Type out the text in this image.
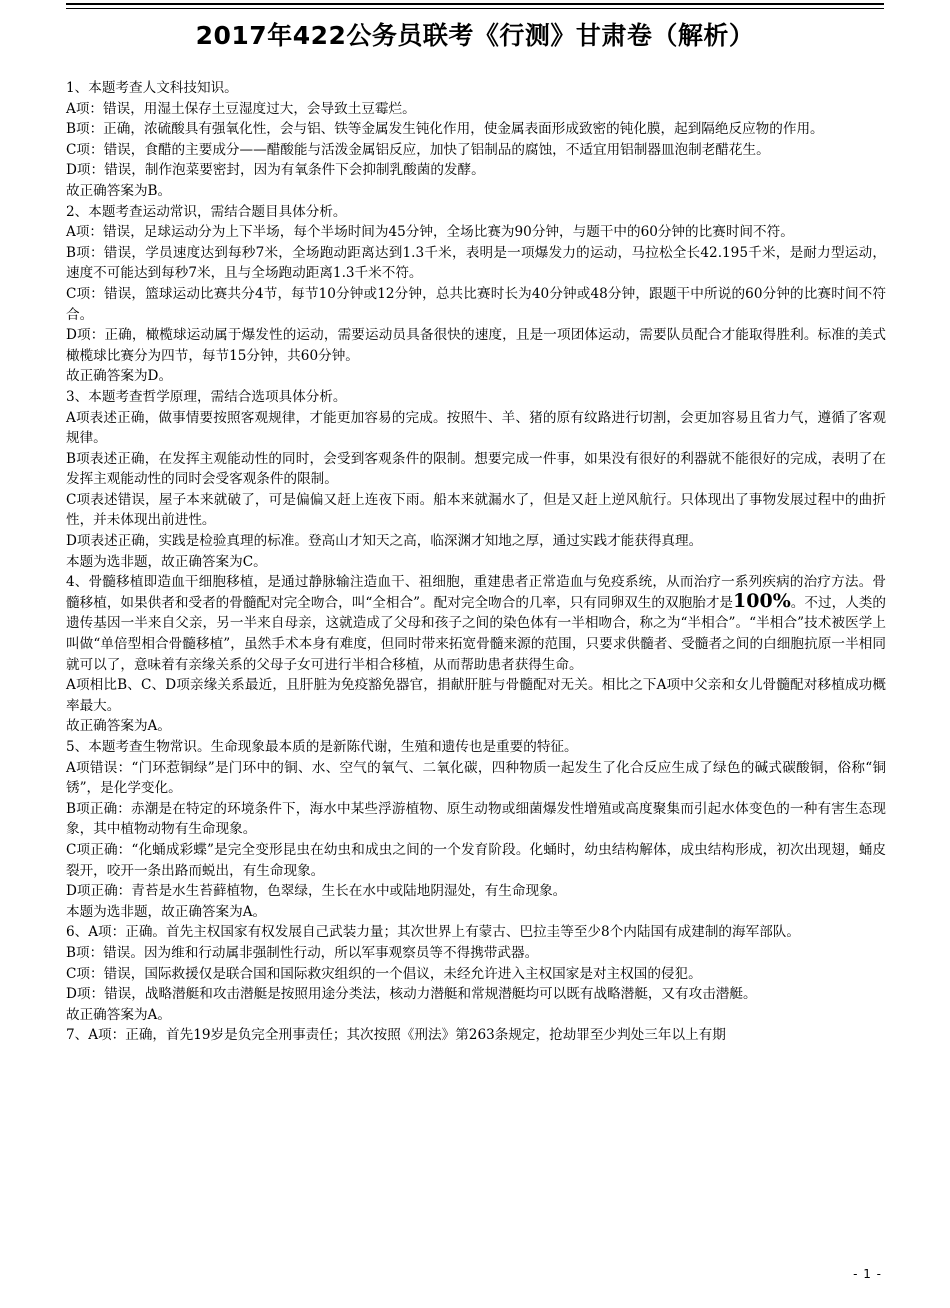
2017年422公务员联考《行测》甘肃卷（解析）

1、本题考查人文科技知识。

A项：错误，用湿土保存土豆湿度过大，会导致土豆霉烂。

B项：正确，浓硫酸具有强氧化性，会与铝、铁等金属发生钝化作用，使金属表面形成致密的钝化膜，起到隔绝反应物的作用。

C项：错误，食醋的主要成分——醋酸能与活泼金属铝反应，加快了铝制品的腐蚀，不适宜用铝制器皿泡制老醋花生。

D项：错误，制作泡菜要密封，因为有氧条件下会抑制乳酸菌的发酵。

故正确答案为B。

2、本题考查运动常识，需结合题目具体分析。

A项：错误，足球运动分为上下半场，每个半场时间为45分钟，全场比赛为90分钟，与题干中的60分钟的比赛时间不符。

B项：错误，学员速度达到每秒7米，全场跑动距离达到1.3千米，表明是一项爆发力的运动，马拉松全长42.195千米，是耐力型运动，速度不可能达到每秒7米，且与全场跑动距离1.3千米不符。

C项：错误，篮球运动比赛共分4节，每节10分钟或12分钟，总共比赛时长为40分钟或48分钟，跟题干中所说的60分钟的比赛时间不符合。

D项：正确，橄榄球运动属于爆发性的运动，需要运动员具备很快的速度，且是一项团体运动，需要队员配合才能取得胜利。标准的美式橄榄球比赛分为四节，每节15分钟，共60分钟。

故正确答案为D。

3、本题考查哲学原理，需结合选项具体分析。

A项表述正确，做事情要按照客观规律，才能更加容易的完成。按照牛、羊、猪的原有纹路进行切割，会更加容易且省力气，遵循了客观规律。

B项表述正确，在发挥主观能动性的同时，会受到客观条件的限制。想要完成一件事，如果没有很好的利器就不能很好的完成，表明了在发挥主观能动性的同时会受客观条件的限制。

C项表述错误，屋子本来就破了，可是偏偏又赶上连夜下雨。船本来就漏水了，但是又赶上逆风航行。只体现出了事物发展过程中的曲折性，并未体现出前进性。

D项表述正确，实践是检验真理的标准。登高山才知天之高，临深渊才知地之厚，通过实践才能获得真理。

本题为选非题，故正确答案为C。

4、骨髓移植即造血干细胞移植，是通过静脉输注造血干、祖细胞，重建患者正常造血与免疫系统，从而治疗一系列疾病的治疗方法。骨髓移植，如果供者和受者的骨髓配对完全吻合，叫“全相合”。配对完全吻合的几率，只有同卵双生的双胞胎才是100%。不过，人类的遗传基因一半来自父亲，另一半来自母亲，这就造成了父母和孩子之间的染色体有一半相吻合，称之为“半相合”。“半相合”技术被医学上叫做“单倍型相合骨髓移植”，虽然手术本身有难度，但同时带来拓宽骨髓来源的范围，只要求供髓者、受髓者之间的白细胞抗原一半相同就可以了，意味着有亲缘关系的父母子女可进行半相合移植，从而帮助患者获得生命。

A项相比B、C、D项亲缘关系最近，且肝脏为免疫豁免器官，捐献肝脏与骨髓配对无关。相比之下A项中父亲和女儿骨髓配对移植成功概率最大。

故正确答案为A。

5、本题考查生物常识。生命现象最本质的是新陈代谢，生殖和遗传也是重要的特征。

A项错误：“门环惹铜绿”是门环中的铜、水、空气的氧气、二氧化碳，四种物质一起发生了化合反应生成了绿色的碱式碳酸铜，俗称“铜锈”，是化学变化。

B项正确：赤潮是在特定的环境条件下，海水中某些浮游植物、原生动物或细菌爆发性增殖或高度聚集而引起水体变色的一种有害生态现象，其中植物动物有生命现象。

C项正确：“化蛹成彩蝶”是完全变形昆虫在幼虫和成虫之间的一个发育阶段。化蛹时，幼虫结构解体，成虫结构形成，初次出现翅，蛹皮裂开，咬开一条出路而蜕出，有生命现象。

D项正确：青苔是水生苔藓植物，色翠绿，生长在水中或陆地阴湿处，有生命现象。

本题为选非题，故正确答案为A。

6、A项：正确。首先主权国家有权发展自己武装力量；其次世界上有蒙古、巴拉圭等至少8个内陆国有成建制的海军部队。

B项：错误。因为维和行动属非强制性行动，所以军事观察员等不得携带武器。

C项：错误，国际救援仅是联合国和国际救灾组织的一个倡议，未经允许进入主权国家是对主权国的侵犯。

D项：错误，战略潜艇和攻击潜艇是按照用途分类法，核动力潜艇和常规潜艇均可以既有战略潜艇，又有攻击潜艇。

故正确答案为A。

7、A项：正确，首先19岁是负完全刑事责任；其次按照《刑法》第263条规定，抢劫罪至少判处三年以上有期

- 1 -
